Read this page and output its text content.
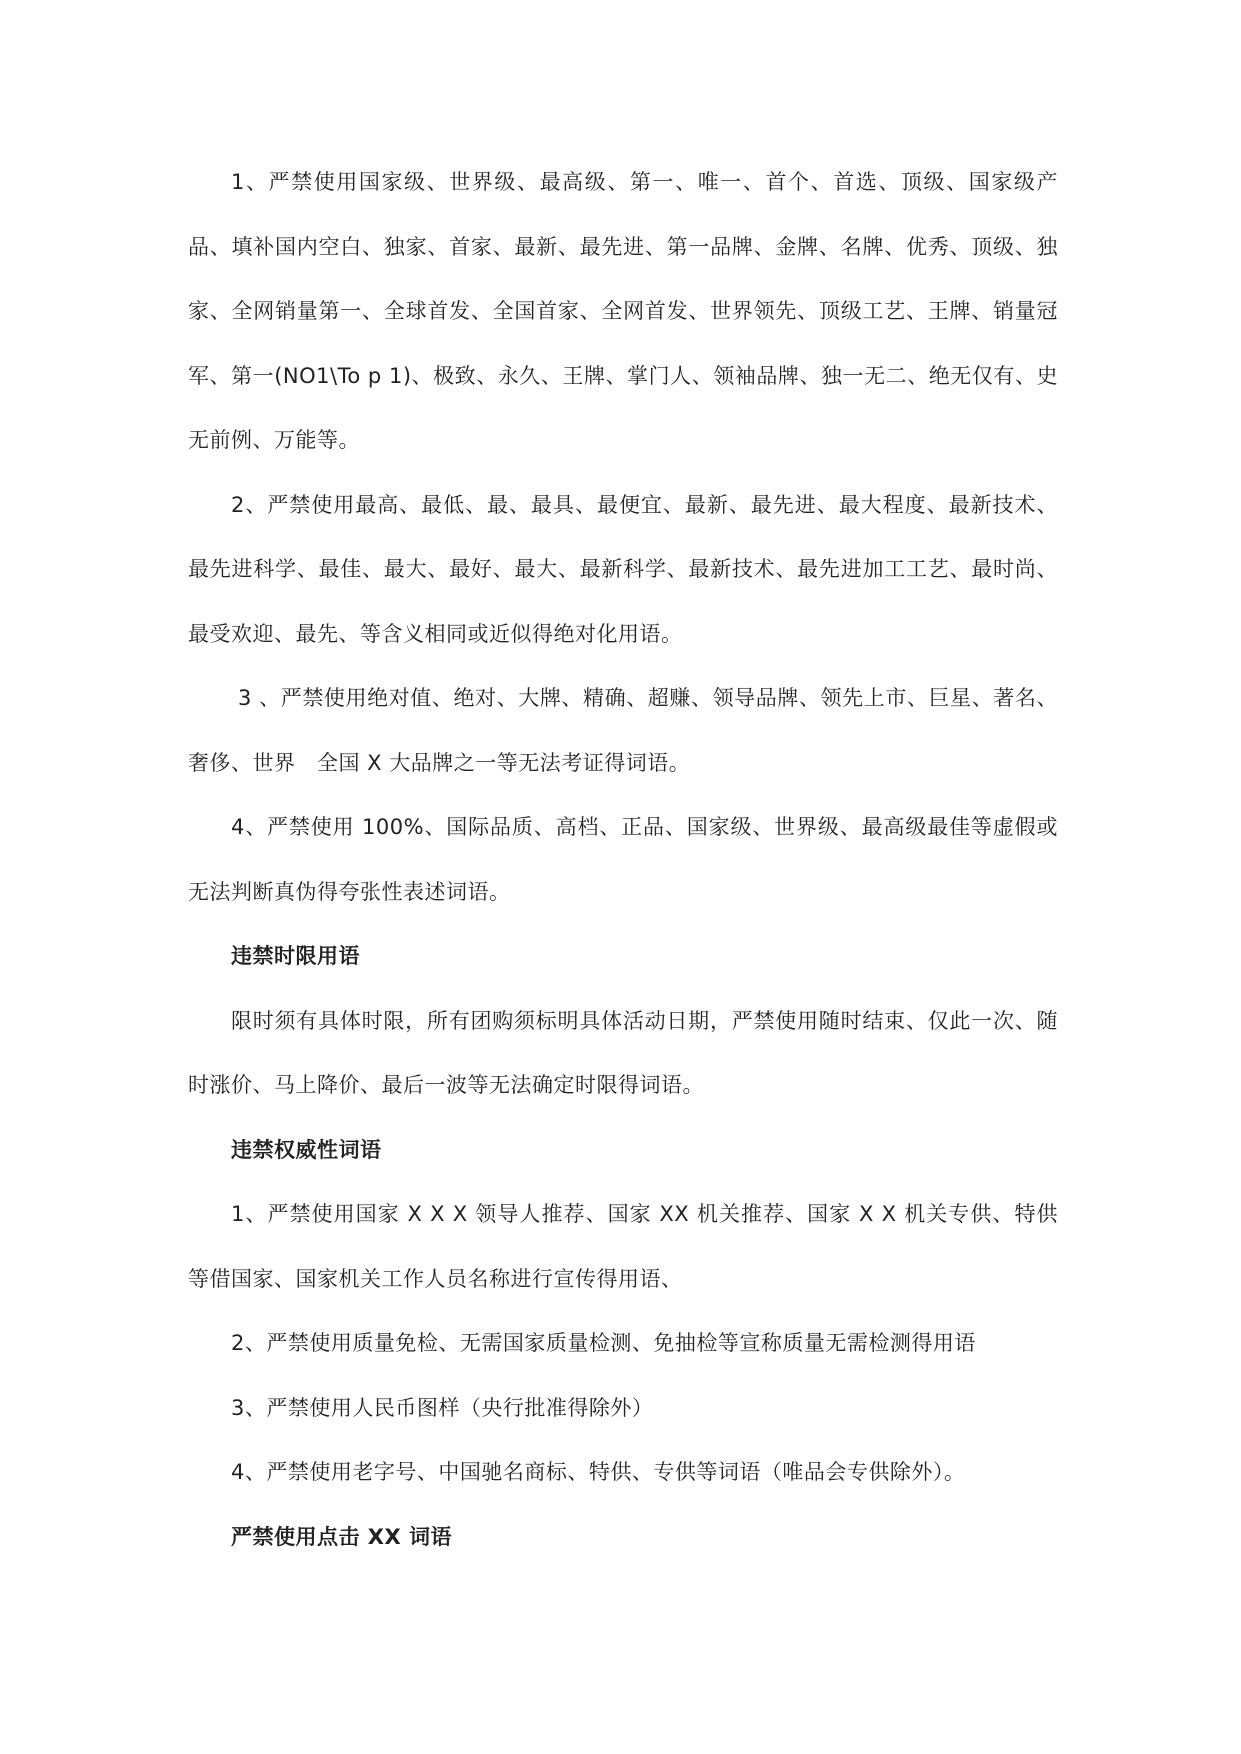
1、严禁使用国家级、世界级、最高级、第一、唯一、首个、首选、顶级、国家级产品、填补国内空白、独家、首家、最新、最先进、第一品牌、金牌、名牌、优秀、顶级、独家、全网销量第一、全球首发、全国首家、全网首发、世界领先、顶级工艺、王牌、销量冠军、第一(NO1\To p 1)、极致、永久、王牌、掌门人、领袖品牌、独一无二、绝无仅有、史无前例、万能等。

2、严禁使用最高、最低、最、最具、最便宜、最新、最先进、最大程度、最新技术、最先进科学、最佳、最大、最好、最大、最新科学、最新技术、最先进加工工艺、最时尚、最受欢迎、最先、等含义相同或近似得绝对化用语。

3 、严禁使用绝对值、绝对、大牌、精确、超赚、领导品牌、领先上市、巨星、著名、奢侈、世界　全国 X 大品牌之一等无法考证得词语。

4、严禁使用 100%、国际品质、高档、正品、国家级、世界级、最高级最佳等虚假或无法判断真伪得夸张性表述词语。

违禁时限用语

限时须有具体时限，所有团购须标明具体活动日期，严禁使用随时结束、仅此一次、随时涨价、马上降价、最后一波等无法确定时限得词语。

违禁权威性词语

1、严禁使用国家 X X X 领导人推荐、国家 XX 机关推荐、国家 X X 机关专供、特供等借国家、国家机关工作人员名称进行宣传得用语、

2、严禁使用质量免检、无需国家质量检测、免抽检等宣称质量无需检测得用语

3、严禁使用人民币图样（央行批准得除外）

4、严禁使用老字号、中国驰名商标、特供、专供等词语（唯品会专供除外）。

严禁使用点击 XX 词语
